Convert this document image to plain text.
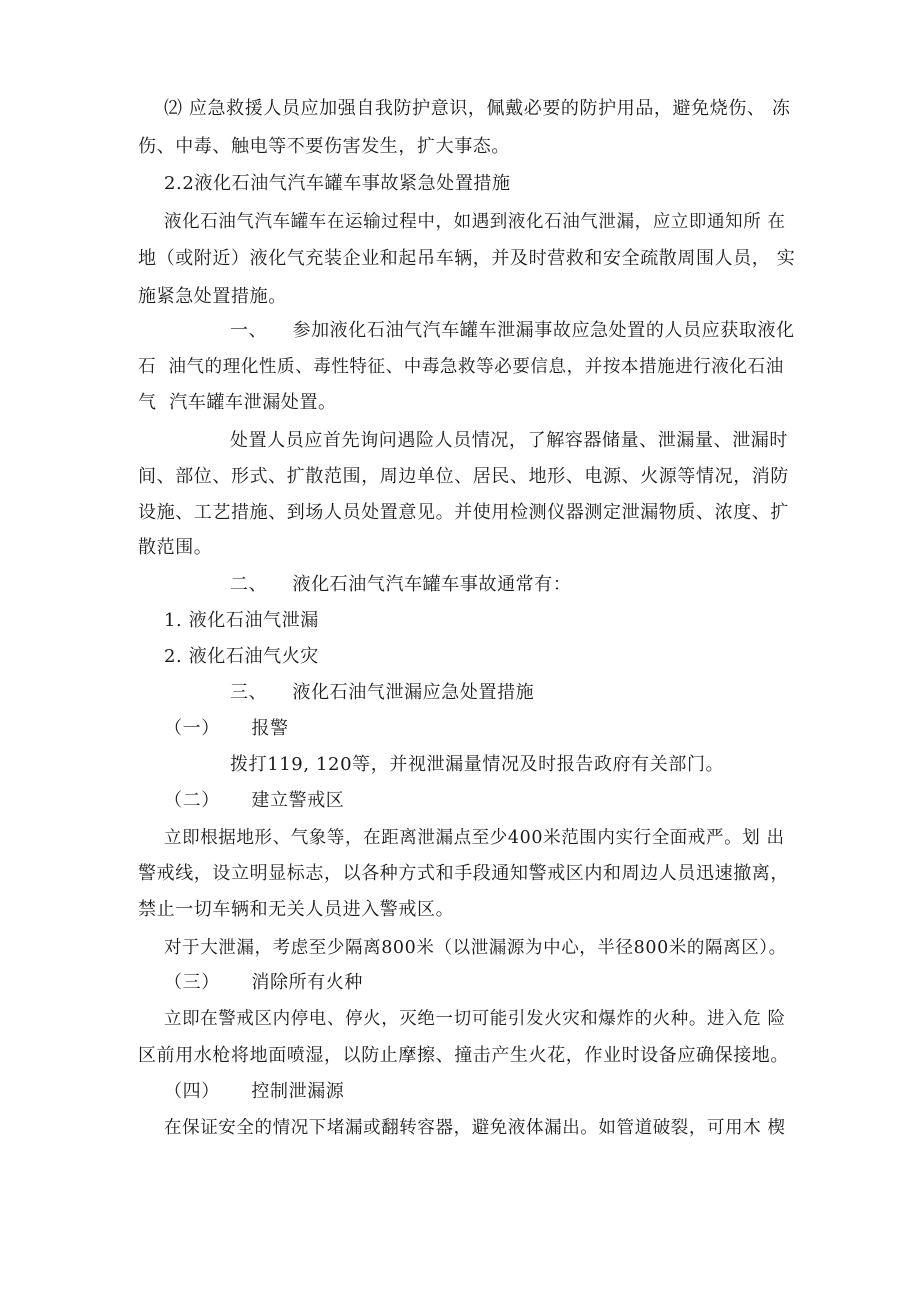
⑵ 应急救援人员应加强自我防护意识，佩戴必要的防护用品，避免烧伤、 冻
伤、中毒、触电等不要伤害发生，扩大事态。
2.2液化石油气汽车罐车事故紧急处置措施
液化石油气汽车罐车在运输过程中，如遇到液化石油气泄漏，应立即通知所 在
地（或附近）液化气充装企业和起吊车辆，并及时营救和安全疏散周围人员， 实
施紧急处置措施。
一、    参加液化石油气汽车罐车泄漏事故应急处置的人员应获取液化
石  油气的理化性质、毒性特征、中毒急救等必要信息，并按本措施进行液化石油
气  汽车罐车泄漏处置。
处置人员应首先询问遇险人员情况，了解容器储量、泄漏量、泄漏时
间、部位、形式、扩散范围，周边单位、居民、地形、电源、火源等情况，消防
设施、工艺措施、到场人员处置意见。并使用检测仪器测定泄漏物质、浓度、扩
散范围。
二、    液化石油气汽车罐车事故通常有：
1. 液化石油气泄漏
2. 液化石油气火灾
三、    液化石油气泄漏应急处置措施
（一）     报警
拨打119, 120等，并视泄漏量情况及时报告政府有关部门。
（二）     建立警戒区
立即根据地形、气象等，在距离泄漏点至少400米范围内实行全面戒严。划 出
警戒线，设立明显标志，以各种方式和手段通知警戒区内和周边人员迅速撤离，
禁止一切车辆和无关人员进入警戒区。
对于大泄漏，考虑至少隔离800米（以泄漏源为中心，半径800米的隔离区）。
（三）     消除所有火种
立即在警戒区内停电、停火，灭绝一切可能引发火灾和爆炸的火种。进入危 险
区前用水枪将地面喷湿，以防止摩擦、撞击产生火花，作业时设备应确保接地。
（四）     控制泄漏源
在保证安全的情况下堵漏或翻转容器，避免液体漏出。如管道破裂，可用木 楔
